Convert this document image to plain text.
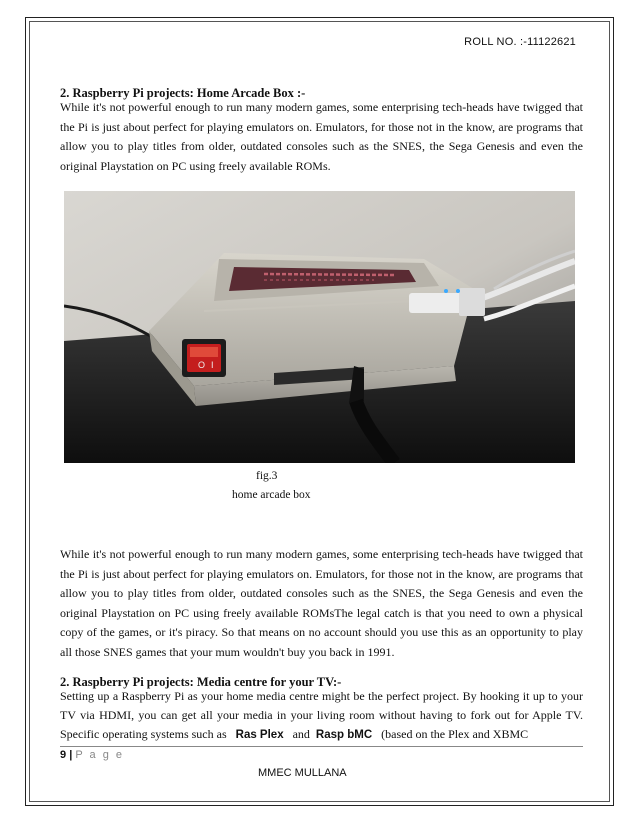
ROLL NO. :-11122621
2. Raspberry Pi projects: Home Arcade Box :-
While it's not powerful enough to run many modern games, some enterprising tech-heads have twigged that the Pi is just about perfect for playing emulators on. Emulators, for those not in the know, are programs that allow you to play titles from older, outdated consoles such as the SNES, the Sega Genesis and even the original Playstation on PC using freely available ROMs.
O I
fig.3
home arcade box
While it's not powerful enough to run many modern games, some enterprising tech-heads have twigged that the Pi is just about perfect for playing emulators on. Emulators, for those not in the know, are programs that allow you to play titles from older, outdated consoles such as the SNES, the Sega Genesis and even the original Playstation on PC using freely available ROMsThe legal catch is that you need to own a physical copy of the games, or it's piracy. So that means on no account should you use this as an opportunity to play all those SNES games that your mum wouldn't buy you back in 1991.
2. Raspberry Pi projects: Media centre for your TV:-
Setting up a Raspberry Pi as your home media centre might be the perfect project. By hooking it up to your TV via HDMI, you can get all your media in your living room without having to fork out for Apple TV. Specific operating systems such as Ras Plex and Rasp bMC (based on the Plex and XBMC
9 | P a g e
MMEC MULLANA
